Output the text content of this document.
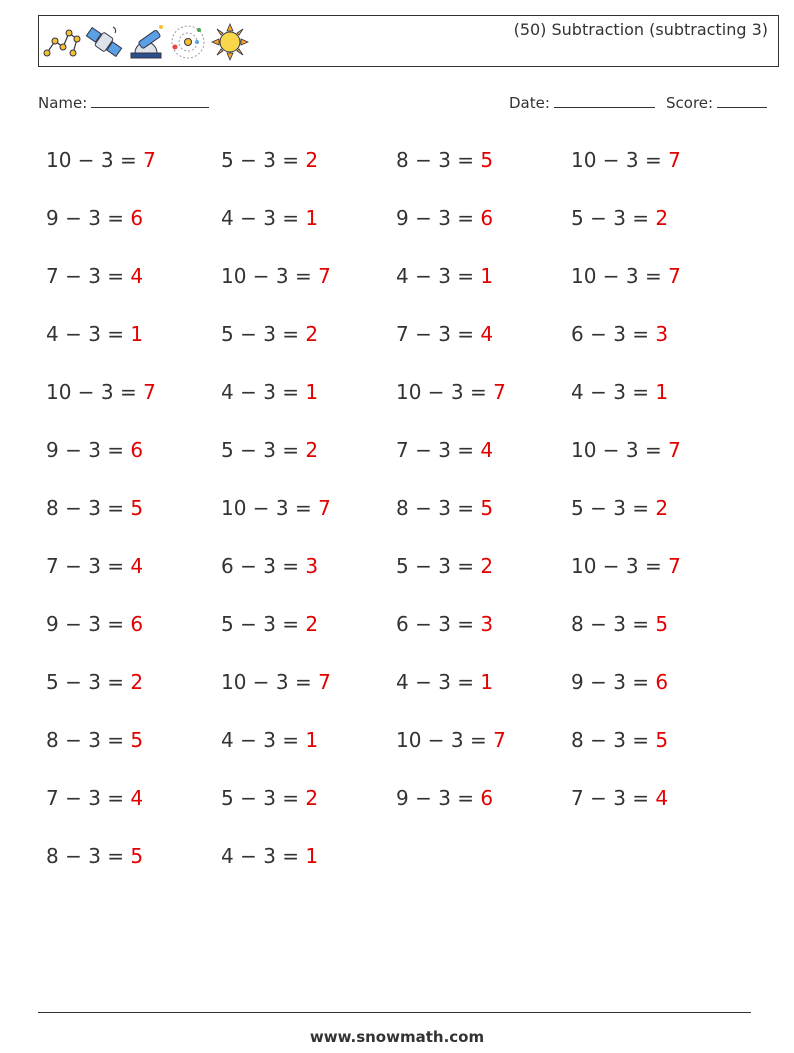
(50) Subtraction (subtracting 3)
Name:	Date:	Score:
10 − 3 = 7	5 − 3 = 2	8 − 3 = 5	10 − 3 = 7
9 − 3 = 6	4 − 3 = 1	9 − 3 = 6	5 − 3 = 2
7 − 3 = 4	10 − 3 = 7	4 − 3 = 1	10 − 3 = 7
4 − 3 = 1	5 − 3 = 2	7 − 3 = 4	6 − 3 = 3
10 − 3 = 7	4 − 3 = 1	10 − 3 = 7	4 − 3 = 1
9 − 3 = 6	5 − 3 = 2	7 − 3 = 4	10 − 3 = 7
8 − 3 = 5	10 − 3 = 7	8 − 3 = 5	5 − 3 = 2
7 − 3 = 4	6 − 3 = 3	5 − 3 = 2	10 − 3 = 7
9 − 3 = 6	5 − 3 = 2	6 − 3 = 3	8 − 3 = 5
5 − 3 = 2	10 − 3 = 7	4 − 3 = 1	9 − 3 = 6
8 − 3 = 5	4 − 3 = 1	10 − 3 = 7	8 − 3 = 5
7 − 3 = 4	5 − 3 = 2	9 − 3 = 6	7 − 3 = 4
8 − 3 = 5	4 − 3 = 1
www.snowmath.com
